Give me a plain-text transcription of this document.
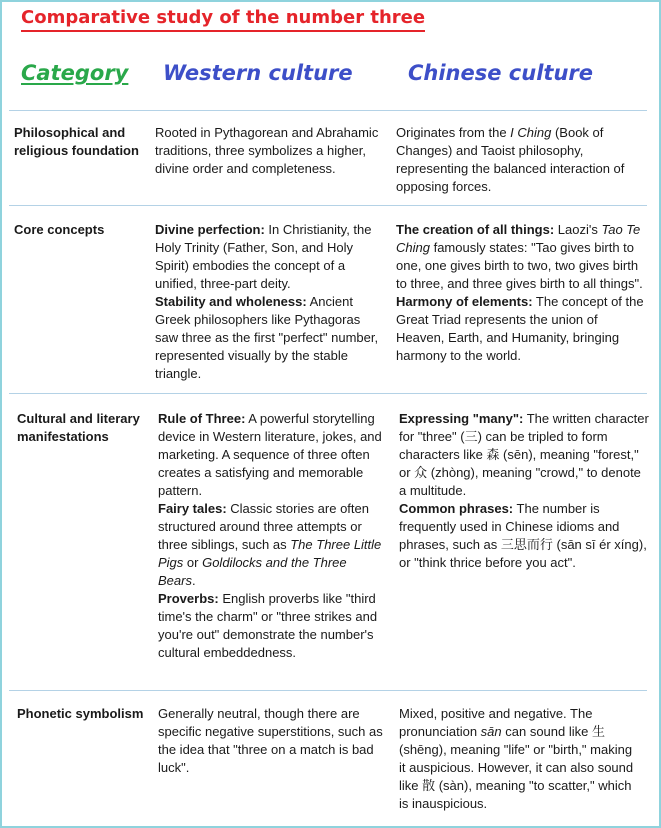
Comparative study of the number three
Category Western culture	Chinese culture
Philosophical and religious foundation
Rooted in Pythagorean and Abrahamic traditions, three symbolizes a higher, divine order and completeness.
Originates from the I Ching (Book of Changes) and Taoist philosophy, representing the balanced interaction of opposing forces.
Core concepts	Divine perfection: In Christianity, the Holy Trinity (Father, Son, and Holy Spirit) embodies the concept of a unified, three-part deity.

Stability and wholeness: Ancient Greek philosophers like Pythagoras saw three as the first "perfect" number, represented visually by the stable triangle.

The creation of all things: Laozi's Tao Te Ching famously states: "Tao gives birth to one, one gives birth to two, two gives birth to three, and three gives birth to all things".

Harmony of elements: The concept of the Great Triad represents the union of Heaven, Earth, and Humanity, bringing harmony to the world.

Cultural and literary manifestations

Rule of Three: A powerful storytelling device in Western literature, jokes, and marketing. A sequence of three often creates a satisfying and memorable pattern.

Fairy tales: Classic stories are often structured around three attempts or three siblings, such as The Three Little Pigs or Goldilocks and the Three Bears.

Proverbs: English proverbs like "third time's the charm" or "three strikes and you're out" demonstrate the number's cultural embeddedness.

Expressing "many": The written character for "three" (三) can be tripled to form characters like 森 (sēn), meaning "forest," or 众 (zhòng), meaning "crowd," to denote a multitude.

Common phrases: The number is frequently used in Chinese idioms and phrases, such as 三思而行 (sān sī ér xíng), or "think thrice before you act".

Phonetic symbolism Generally neutral, though there are specific negative superstitions, such as the idea that "three on a match is bad luck".
Mixed, positive and negative. The pronunciation sān can sound like 生 (shēng), meaning "life" or "birth," making it auspicious. However, it can also sound like 散 (sàn), meaning "to scatter," which is inauspicious.
